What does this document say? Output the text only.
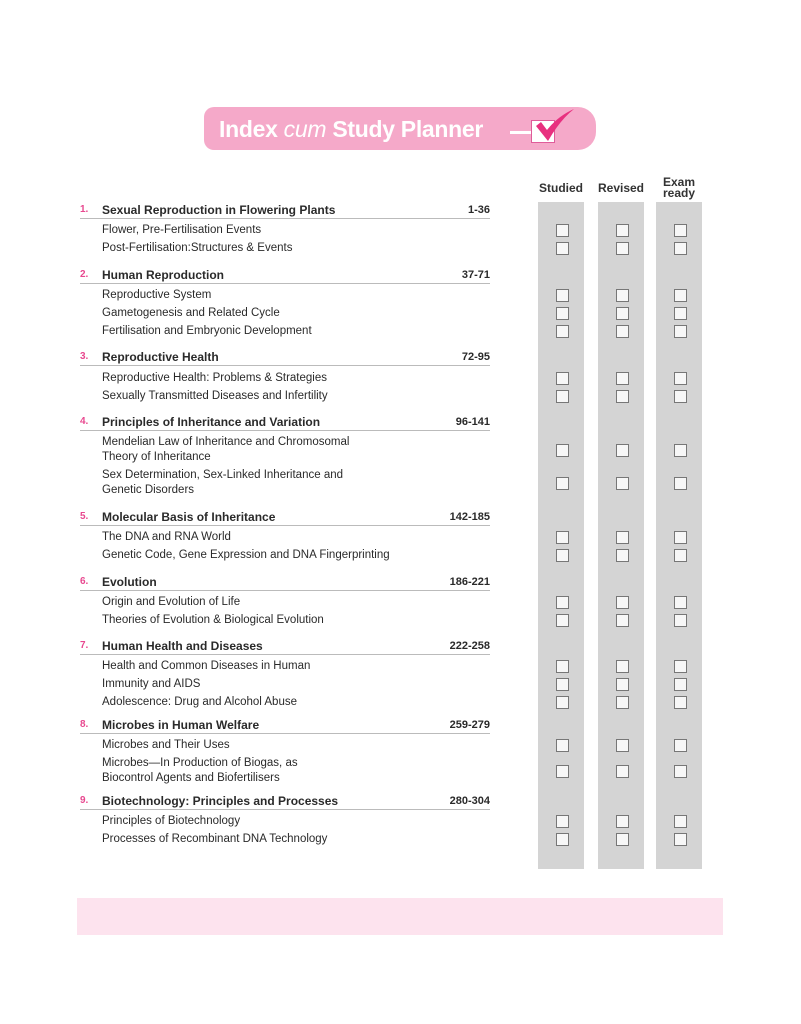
Index cum Study Planner
Studied	Revised	Exam
ready
1. Sexual Reproduction in Flowering Plants	1-36
Flower, Pre-Fertilisation Events
Post-Fertilisation:Structures & Events
2. Human Reproduction	37-71
Reproductive System
Gametogenesis and Related Cycle
Fertilisation and Embryonic Development
3. Reproductive Health	72-95
Reproductive Health: Problems & Strategies
Sexually Transmitted Diseases and Infertility
4. Principles of Inheritance and Variation	96-141
Mendelian Law of Inheritance and Chromosomal
Theory of Inheritance
Sex Determination, Sex-Linked Inheritance and
Genetic Disorders
5. Molecular Basis of Inheritance	142-185
The DNA and RNA World
Genetic Code, Gene Expression and DNA Fingerprinting
6. Evolution	186-221
Origin and Evolution of Life
Theories of Evolution & Biological Evolution
7. Human Health and Diseases	222-258
Health and Common Diseases in Human
Immunity and AIDS
Adolescence: Drug and Alcohol Abuse
8. Microbes in Human Welfare	259-279
Microbes and Their Uses
Microbes—In Production of Biogas, as
Biocontrol Agents and Biofertilisers
9. Biotechnology: Principles and Processes	280-304
Principles of Biotechnology
Processes of Recombinant DNA Technology
